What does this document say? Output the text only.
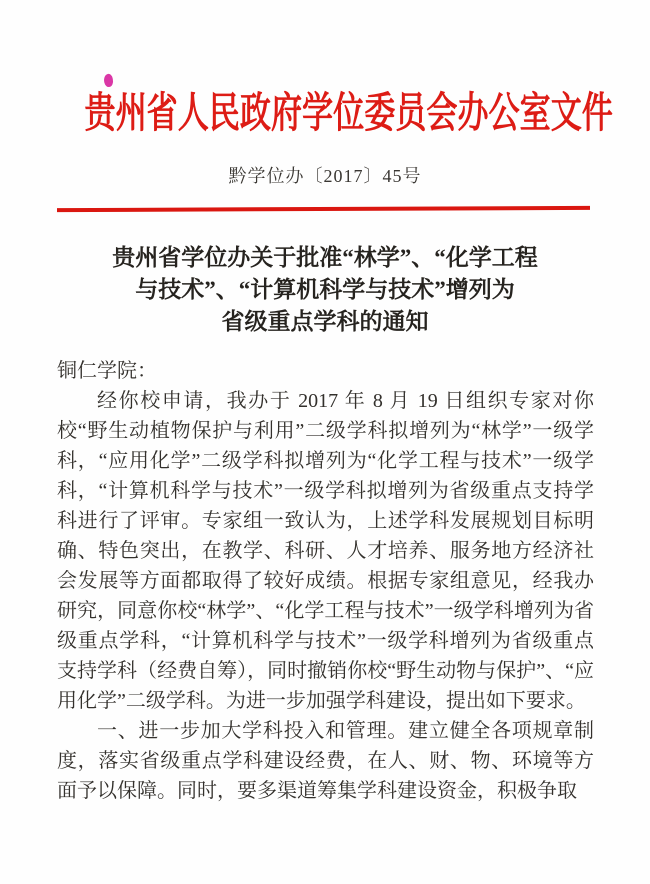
贵州省人民政府学位委员会办公室文件
黔学位办〔2017〕45号
贵州省学位办关于批准“林学”、“化学工程
与技术”、“计算机科学与技术”增列为
省级重点学科的通知
铜仁学院：

经你校申请，我办于 2017 年 8 月 19 日组织专家对你校“野生动植物保护与利用”二级学科拟增列为“林学”一级学科，“应用化学”二级学科拟增列为“化学工程与技术”一级学科，“计算机科学与技术”一级学科拟增列为省级重点支持学科进行了评审。专家组一致认为，上述学科发展规划目标明确、特色突出，在教学、科研、人才培养、服务地方经济社会发展等方面都取得了较好成绩。根据专家组意见，经我办研究，同意你校“林学”、“化学工程与技术”一级学科增列为省级重点学科，“计算机科学与技术”一级学科增列为省级重点支持学科（经费自筹），同时撤销你校“野生动物与保护”、“应用化学”二级学科。为进一步加强学科建设，提出如下要求。

一、进一步加大学科投入和管理。建立健全各项规章制度，落实省级重点学科建设经费，在人、财、物、环境等方面予以保障。同时，要多渠道筹集学科建设资金，积极争取
